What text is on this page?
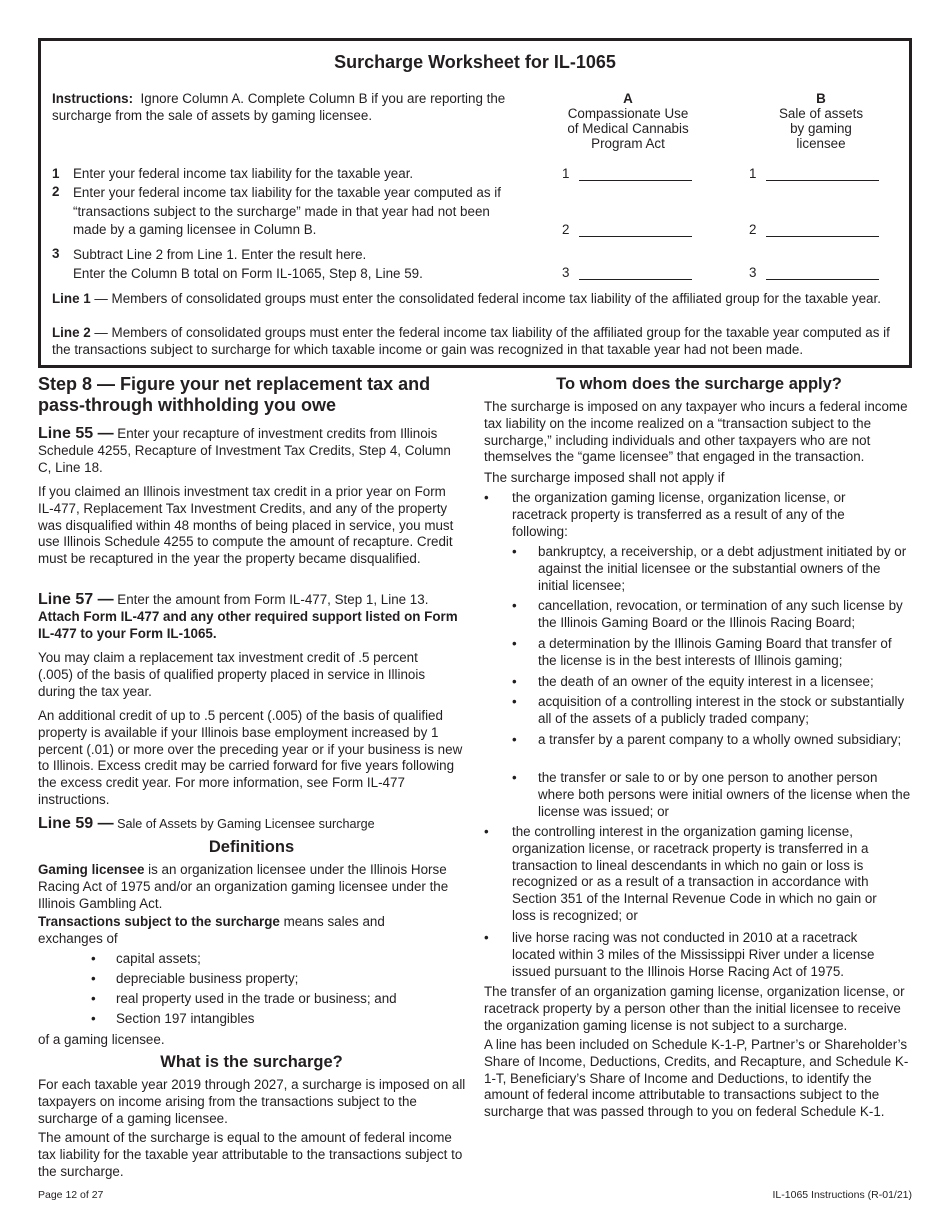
Surcharge Worksheet for IL-1065
Instructions: Ignore Column A. Complete Column B if you are reporting the surcharge from the sale of assets by gaming licensee.
A
Compassionate Use
of Medical Cannabis
Program Act
B
Sale of assets
by gaming
licensee
1 Enter your federal income tax liability for the taxable year.	1	1
2 Enter your federal income tax liability for the taxable year computed as if “transactions subject to the surcharge” made in that year had not been made by a gaming licensee in Column B.	2	2
3 Subtract Line 2 from Line 1. Enter the result here.
Enter the Column B total on Form IL-1065, Step 8, Line 59.	3	3
Line 1 — Members of consolidated groups must enter the consolidated federal income tax liability of the affiliated group for the taxable year.
Line 2 — Members of consolidated groups must enter the federal income tax liability of the affiliated group for the taxable year computed as if the transactions subject to surcharge for which taxable income or gain was recognized in that taxable year had not been made.
Step 8 — Figure your net replacement tax and pass-through withholding you owe
Line 55 — Enter your recapture of investment credits from Illinois Schedule 4255, Recapture of Investment Tax Credits, Step 4, Column C, Line 18.
If you claimed an Illinois investment tax credit in a prior year on Form IL-477, Replacement Tax Investment Credits, and any of the property was disqualified within 48 months of being placed in service, you must use Illinois Schedule 4255 to compute the amount of recapture. Credit must be recaptured in the year the property became disqualified.
Line 57 — Enter the amount from Form IL-477, Step 1, Line 13.
Attach Form IL-477 and any other required support listed on Form IL-477 to your Form IL-1065.
You may claim a replacement tax investment credit of .5 percent (.005) of the basis of qualified property placed in service in Illinois during the tax year.
An additional credit of up to .5 percent (.005) of the basis of qualified property is available if your Illinois base employment increased by 1 percent (.01) or more over the preceding year or if your business is new to Illinois. Excess credit may be carried forward for five years following the excess credit year. For more information, see Form IL-477 instructions.
Line 59 — Sale of Assets by Gaming Licensee surcharge
Definitions
Gaming licensee is an organization licensee under the Illinois Horse Racing Act of 1975 and/or an organization gaming licensee under the Illinois Gambling Act.
Transactions subject to the surcharge means sales and exchanges of
• capital assets;
• depreciable business property;
• real property used in the trade or business; and
• Section 197 intangibles
of a gaming licensee.
What is the surcharge?
For each taxable year 2019 through 2027, a surcharge is imposed on all taxpayers on income arising from the transactions subject to the surcharge of a gaming licensee.
The amount of the surcharge is equal to the amount of federal income tax liability for the taxable year attributable to the transactions subject to the surcharge.
To whom does the surcharge apply?
The surcharge is imposed on any taxpayer who incurs a federal income tax liability on the income realized on a “transaction subject to the surcharge,” including individuals and other taxpayers who are not themselves the “game licensee” that engaged in the transaction.
The surcharge imposed shall not apply if
• the organization gaming license, organization license, or racetrack property is transferred as a result of any of the following:
• bankruptcy, a receivership, or a debt adjustment initiated by or against the initial licensee or the substantial owners of the initial licensee;
• cancellation, revocation, or termination of any such license by the Illinois Gaming Board or the Illinois Racing Board;
• a determination by the Illinois Gaming Board that transfer of the license is in the best interests of Illinois gaming;
• the death of an owner of the equity interest in a licensee;
• acquisition of a controlling interest in the stock or substantially all of the assets of a publicly traded company;
• a transfer by a parent company to a wholly owned subsidiary;
• the transfer or sale to or by one person to another person where both persons were initial owners of the license when the license was issued; or
• the controlling interest in the organization gaming license, organization license, or racetrack property is transferred in a transaction to lineal descendants in which no gain or loss is recognized or as a result of a transaction in accordance with Section 351 of the Internal Revenue Code in which no gain or loss is recognized; or
• live horse racing was not conducted in 2010 at a racetrack located within 3 miles of the Mississippi River under a license issued pursuant to the Illinois Horse Racing Act of 1975.
The transfer of an organization gaming license, organization license, or racetrack property by a person other than the initial licensee to receive the organization gaming license is not subject to a surcharge.
A line has been included on Schedule K-1-P, Partner’s or Shareholder’s Share of Income, Deductions, Credits, and Recapture, and Schedule K-1-T, Beneficiary’s Share of Income and Deductions, to identify the amount of federal income attributable to transactions subject to the surcharge that was passed through to you on federal Schedule K-1.
Page 12 of 27	IL-1065 Instructions (R-01/21)
